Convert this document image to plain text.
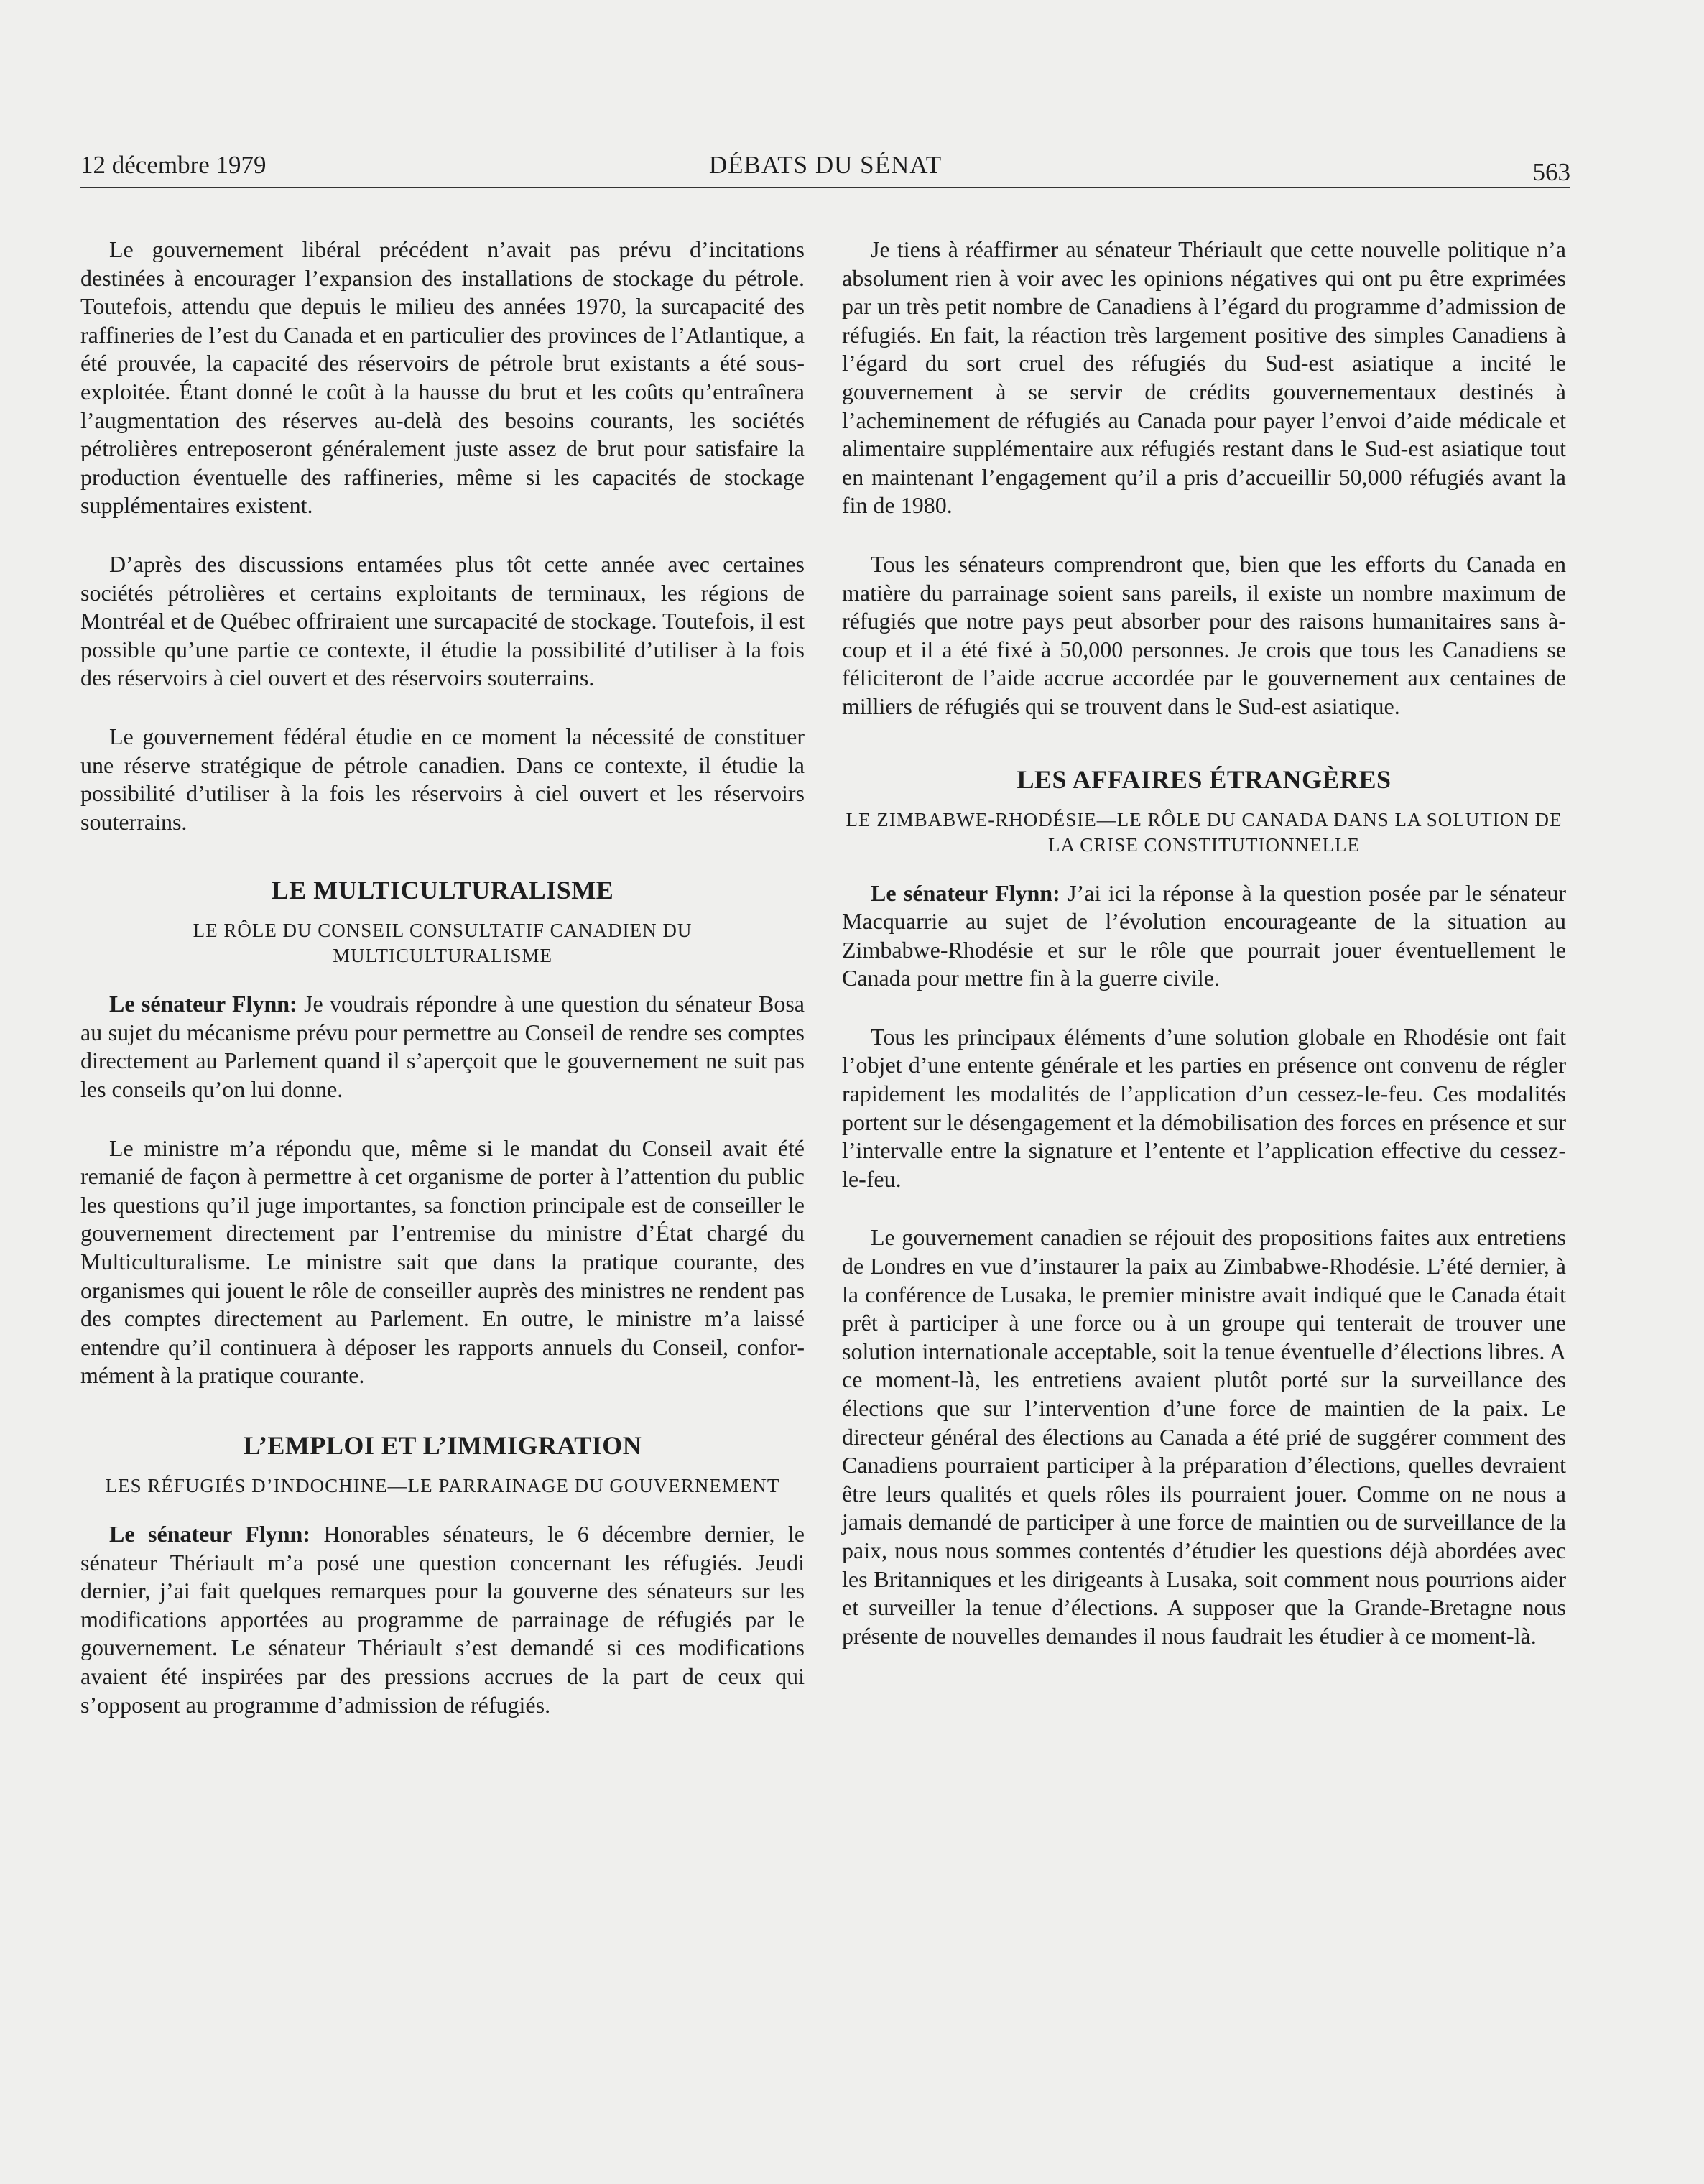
12 décembre 1979	DÉBATS DU SÉNAT	563

Le gouvernement libéral précédent n’avait pas prévu d’incitations destinées à encourager l’expansion des installations de stockage du pétrole. Toutefois, attendu que depuis le milieu des années 1970, la surcapacité des raffineries de l’est du Canada et en particulier des provinces de l’Atlantique, a été prouvée, la capacité des réservoirs de pétrole brut existants a été sous-exploitée. Étant donné le coût à la hausse du brut et les coûts qu’entraînera l’augmentation des réserves au-delà des besoins courants, les sociétés pétrolières entreposeront généralement juste assez de brut pour satisfaire la production éventuelle des raffineries, même si les capacités de stockage supplémentaires existent.

D’après des discussions entamées plus tôt cette année avec certaines sociétés pétrolières et certains exploitants de terminaux, les régions de Montréal et de Québec offriraient une surcapacité de stockage. Toutefois, il est possible qu’une partie ce contexte, il étudie la possibilité d’utiliser à la fois des réservoirs à ciel ouvert et des réservoirs souterrains.

Le gouvernement fédéral étudie en ce moment la nécessité de constituer une réserve stratégique de pétrole canadien. Dans ce contexte, il étudie la possibilité d’utiliser à la fois les réservoirs à ciel ouvert et les réservoirs souterrains.

LE MULTICULTURALISME
LE RÔLE DU CONSEIL CONSULTATIF CANADIEN DU MULTICULTURALISME

Le sénateur Flynn: Je voudrais répondre à une question du sénateur Bosa au sujet du mécanisme prévu pour permettre au Conseil de rendre ses comptes directement au Parlement quand il s’aperçoit que le gouvernement ne suit pas les conseils qu’on lui donne.

Le ministre m’a répondu que, même si le mandat du Conseil avait été remanié de façon à permettre à cet organisme de porter à l’attention du public les questions qu’il juge importantes, sa fonction principale est de conseiller le gouvernement directement par l’entremise du ministre d’État chargé du Multiculturalisme. Le ministre sait que dans la pratique courante, des organismes qui jouent le rôle de conseiller auprès des ministres ne rendent pas des comptes directement au Parlement. En outre, le ministre m’a laissé entendre qu’il continuera à déposer les rapports annuels du Conseil, conformément à la pratique courante.

L’EMPLOI ET L’IMMIGRATION
LES RÉFUGIÉS D’INDOCHINE—LE PARRAINAGE DU GOUVERNEMENT

Le sénateur Flynn: Honorables sénateurs, le 6 décembre dernier, le sénateur Thériault m’a posé une question concernant les réfugiés. Jeudi dernier, j’ai fait quelques remarques pour la gouverne des sénateurs sur les modifications apportées au programme de parrainage de réfugiés par le gouvernement. Le sénateur Thériault s’est demandé si ces modifications avaient été inspirées par des pressions accrues de la part de ceux qui s’opposent au programme d’admission de réfugiés.

Je tiens à réaffirmer au sénateur Thériault que cette nouvelle politique n’a absolument rien à voir avec les opinions négatives qui ont pu être exprimées par un très petit nombre de Canadiens à l’égard du programme d’admission de réfugiés. En fait, la réaction très largement positive des simples Canadiens à l’égard du sort cruel des réfugiés du Sud-est asiatique a incité le gouvernement à se servir de crédits gouvernementaux destinés à l’acheminement de réfugiés au Canada pour payer l’envoi d’aide médicale et alimentaire supplémentaire aux réfugiés restant dans le Sud-est asiatique tout en maintenant l’engagement qu’il a pris d’accueillir 50,000 réfugiés avant la fin de 1980.

Tous les sénateurs comprendront que, bien que les efforts du Canada en matière du parrainage soient sans pareils, il existe un nombre maximum de réfugiés que notre pays peut absorber pour des raisons humanitaires sans à-coup et il a été fixé à 50,000 personnes. Je crois que tous les Canadiens se féliciteront de l’aide accrue accordée par le gouvernement aux centaines de milliers de réfugiés qui se trouvent dans le Sud-est asiatique.

LES AFFAIRES ÉTRANGÈRES
LE ZIMBABWE-RHODÉSIE—LE RÔLE DU CANADA DANS LA SOLUTION DE LA CRISE CONSTITUTIONNELLE

Le sénateur Flynn: J’ai ici la réponse à la question posée par le sénateur Macquarrie au sujet de l’évolution encourageante de la situation au Zimbabwe-Rhodésie et sur le rôle que pourrait jouer éventuellement le Canada pour mettre fin à la guerre civile.

Tous les principaux éléments d’une solution globale en Rhodésie ont fait l’objet d’une entente générale et les parties en présence ont convenu de régler rapidement les modalités de l’application d’un cessez-le-feu. Ces modalités portent sur le désengagement et la démobilisation des forces en présence et sur l’intervalle entre la signature et l’entente et l’application effective du cessez-le-feu.

Le gouvernement canadien se réjouit des propositions faites aux entretiens de Londres en vue d’instaurer la paix au Zimbabwe-Rhodésie. L’été dernier, à la conférence de Lusaka, le premier ministre avait indiqué que le Canada était prêt à participer à une force ou à un groupe qui tenterait de trouver une solution internationale acceptable, soit la tenue éventuelle d’élections libres. A ce moment-là, les entretiens avaient plutôt porté sur la surveillance des élections que sur l’intervention d’une force de maintien de la paix. Le directeur général des élections au Canada a été prié de suggérer comment des Canadiens pourraient participer à la préparation d’élections, quelles devraient être leurs qualités et quels rôles ils pourraient jouer. Comme on ne nous a jamais demandé de participer à une force de maintien ou de surveillance de la paix, nous nous sommes contentés d’étudier les questions déjà abordées avec les Britanniques et les dirigeants à Lusaka, soit comment nous pourrions aider et surveiller la tenue d’élections. A supposer que la Grande-Bretagne nous présente de nouvelles demandes il nous faudrait les étudier à ce moment-là.
